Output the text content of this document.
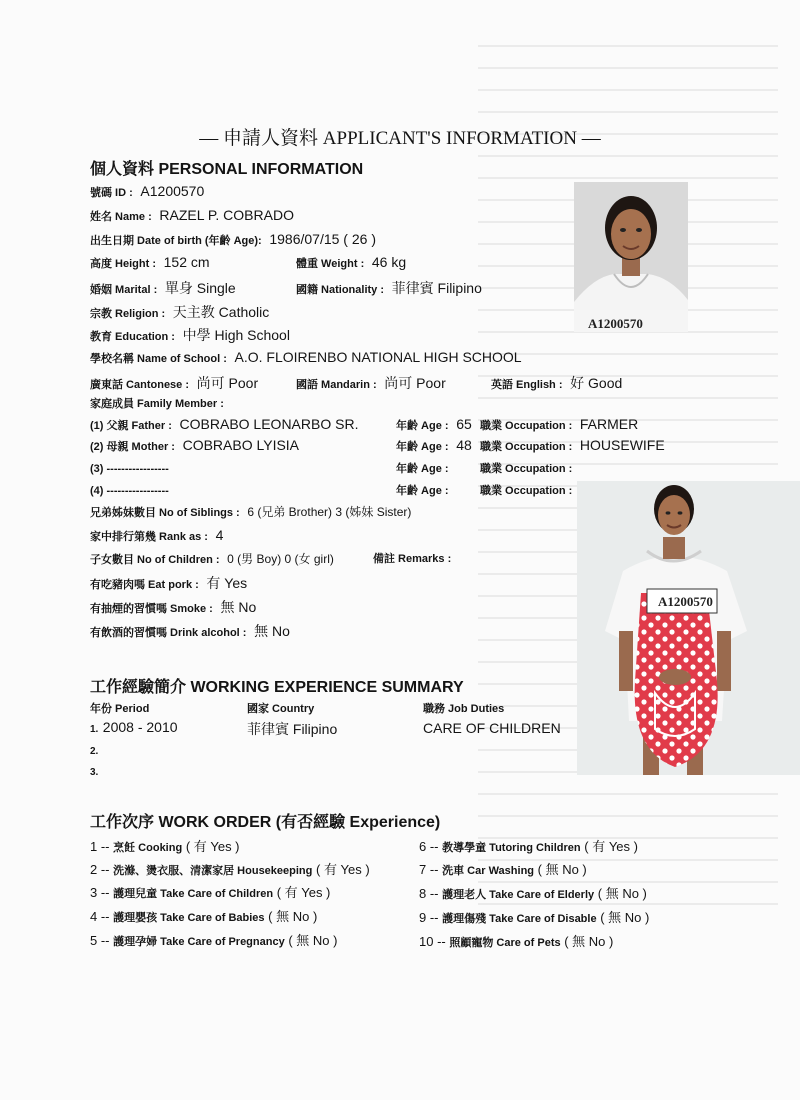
— 申請人資料 APPLICANT'S INFORMATION —
個人資料 PERSONAL INFORMATION
號碼 ID : A1200570
姓名 Name : RAZEL P. COBRADO
出生日期 Date of birth (年齡 Age): 1986/07/15 ( 26 )
高度 Height : 152 cm	體重 Weight : 46 kg
婚姻 Marital : 單身 Single	國籍 Nationality : 菲律賓 Filipino
宗教 Religion : 天主教 Catholic
教育 Education : 中學 High School
學校名稱 Name of School : A.O. FLOIRENBO NATIONAL HIGH SCHOOL
廣東話 Cantonese : 尚可 Poor	國語 Mandarin : 尚可 Poor	英語 English : 好 Good
家庭成員 Family Member :
(1) 父親 Father : COBRABO LEONARBO SR.	年齡 Age : 65 職業 Occupation : FARMER
(2) 母親 Mother : COBRABO LYISIA	年齡 Age : 48 職業 Occupation : HOUSEWIFE
(3) -----------------	年齡 Age :	職業 Occupation :
(4) -----------------	年齡 Age :	職業 Occupation :
兄弟姊妹數目 No of Siblings : 6 (兄弟 Brother) 3 (姊妹 Sister)
家中排行第幾 Rank as : 4
子女數目 No of Children : 0 (男 Boy) 0 (女 girl)	備註 Remarks :
有吃豬肉嗎 Eat pork : 有 Yes
有抽煙的習慣嗎 Smoke : 無 No
有飲酒的習慣嗎 Drink alcohol : 無 No
A1200570
A1200570
工作經驗簡介 WORKING EXPERIENCE SUMMARY
年份 Period	國家 Country	職務 Job Duties
1. 2008 - 2010	菲律賓 Filipino	CARE OF CHILDREN
2.
3.
工作次序 WORK ORDER (有否經驗 Experience)
1 -- 烹飪 Cooking ( 有 Yes )
2 -- 洗滌、燙衣服、清潔家居 Housekeeping ( 有 Yes )
3 -- 護理兒童 Take Care of Children ( 有 Yes )
4 -- 護理嬰孩 Take Care of Babies ( 無 No )
5 -- 護理孕婦 Take Care of Pregnancy ( 無 No )
6 -- 教導學童 Tutoring Children ( 有 Yes )
7 -- 洗車 Car Washing ( 無 No )
8 -- 護理老人 Take Care of Elderly ( 無 No )
9 -- 護理傷殘 Take Care of Disable ( 無 No )
10 -- 照顧寵物 Care of Pets ( 無 No )
